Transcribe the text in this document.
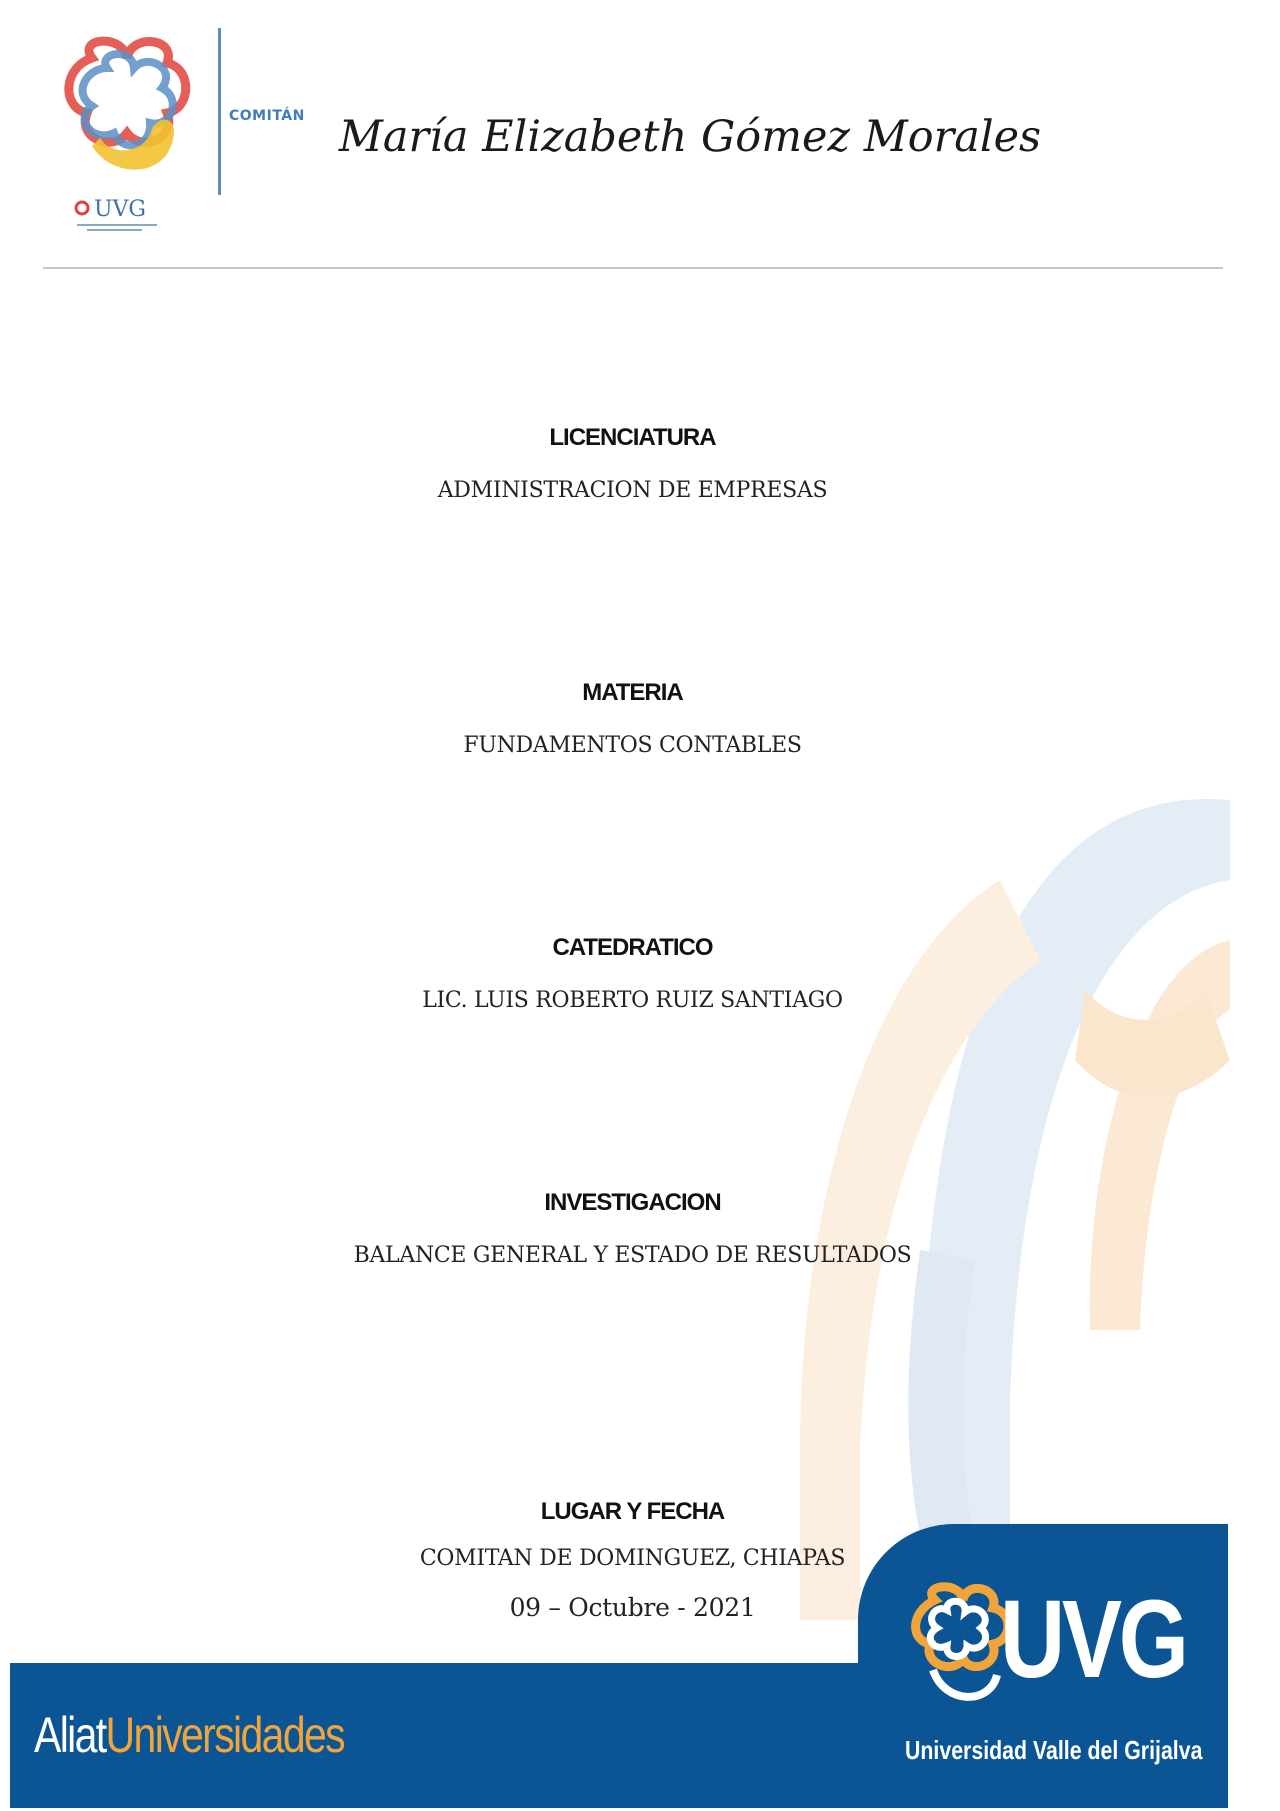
UVG
COMITÁN María Elizabeth Gómez Morales

LICENCIATURA

ADMINISTRACION DE EMPRESAS

MATERIA

FUNDAMENTOS CONTABLES

CATEDRATICO

LIC. LUIS ROBERTO RUIZ SANTIAGO

INVESTIGACION

BALANCE GENERAL Y ESTADO DE RESULTADOS

LUGAR Y FECHA

COMITAN DE DOMINGUEZ, CHIAPAS

09 – Octubre - 2021

AliatUniversidades
UVG
Universidad Valle del Grijalva
